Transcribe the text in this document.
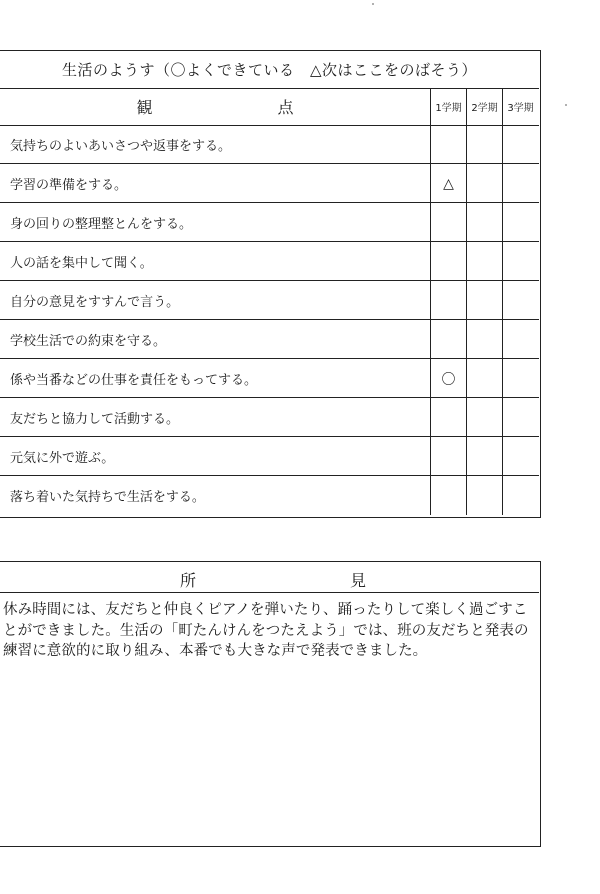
生活のようす（〇よくできている　△次はここをのばそう）
観	点	1学期 2学期 3学期
気持ちのよいあいさつや返事をする。
学習の準備をする。	△
身の回りの整理整とんをする。
人の話を集中して聞く。
自分の意見をすすんで言う。
学校生活での約束を守る。
係や当番などの仕事を責任をもってする。	〇
友だちと協力して活動する。
元気に外で遊ぶ。
落ち着いた気持ちで生活をする。
所	見
休み時間には、友だちと仲良くピアノを弾いたり、踊ったりして楽しく過ごすことができました。生活の「町たんけんをつたえよう」では、班の友だちと発表の練習に意欲的に取り組み、本番でも大きな声で発表できました。
